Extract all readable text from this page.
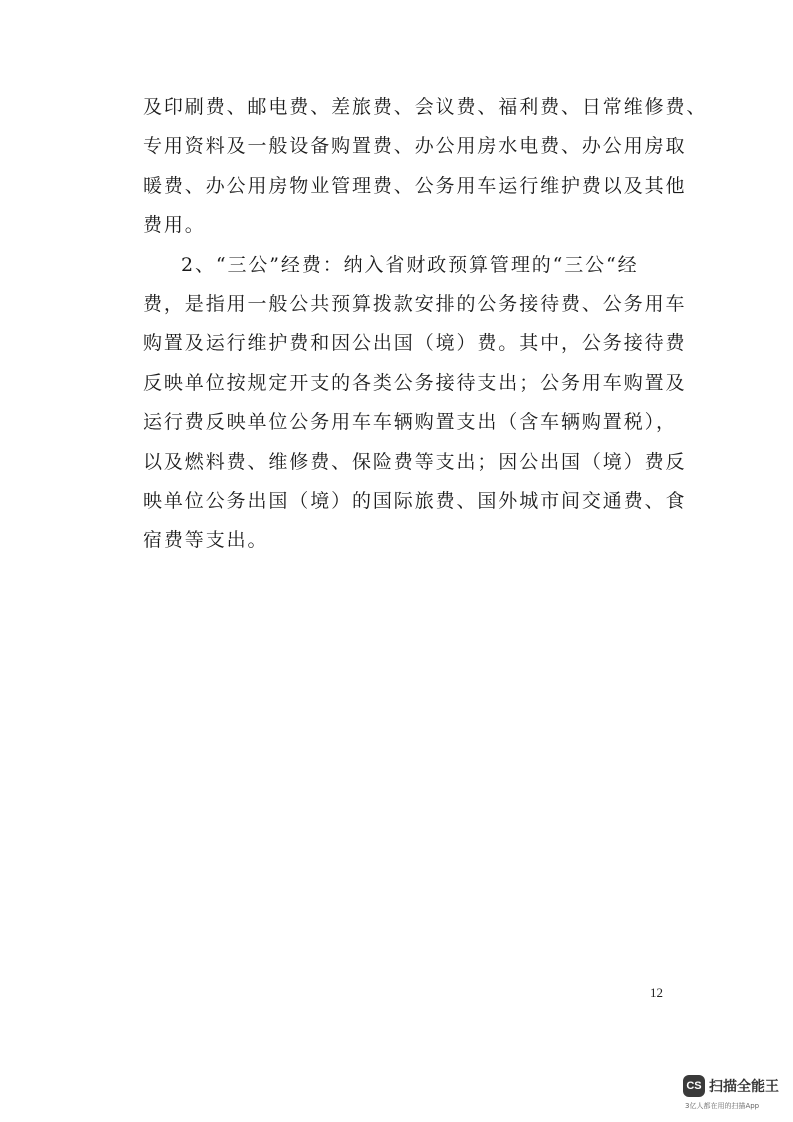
及印刷费、邮电费、差旅费、会议费、福利费、日常维修费、
专用资料及一般设备购置费、办公用房水电费、办公用房取
暖费、办公用房物业管理费、公务用车运行维护费以及其他
费用。
2、“三公”经费：纳入省财政预算管理的“三公“经
费，是指用一般公共预算拨款安排的公务接待费、公务用车
购置及运行维护费和因公出国（境）费。其中，公务接待费
反映单位按规定开支的各类公务接待支出；公务用车购置及
运行费反映单位公务用车车辆购置支出（含车辆购置税），
以及燃料费、维修费、保险费等支出；因公出国（境）费反
映单位公务出国（境）的国际旅费、国外城市间交通费、食
宿费等支出。
12
CS 扫描全能王
3亿人都在用的扫描App
